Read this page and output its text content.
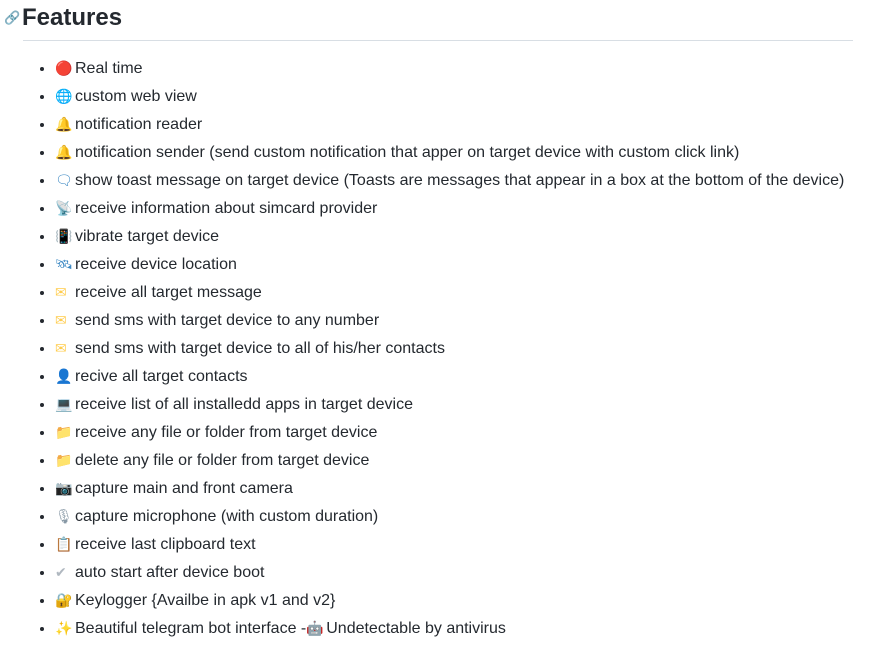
🔗 Features
• 🔴 Real time
• 🌐 custom web view
• 🔔 notification reader
• 🔔 notification sender (send custom notification that apper on target device with custom click link)
• 🗨 show toast message on target device (Toasts are messages that appear in a box at the bottom of the device)
• 📡 receive information about simcard provider
• 📳 vibrate target device
• 🛰 receive device location
• ✉ receive all target message
• ✉ send sms with target device to any number
• ✉ send sms with target device to all of his/her contacts
• 👤 recive all target contacts
• 💻 receive list of all installedd apps in target device
• 📁 receive any file or folder from target device
• 📁 delete any file or folder from target device
• 📷 capture main and front camera
• 🎙 capture microphone (with custom duration)
• 📋 receive last clipboard text
• ✔ auto start after device boot
• 🔐 Keylogger {Availbe in apk v1 and v2}
• ✨ Beautiful telegram bot interface -🤖 Undetectable by antivirus
